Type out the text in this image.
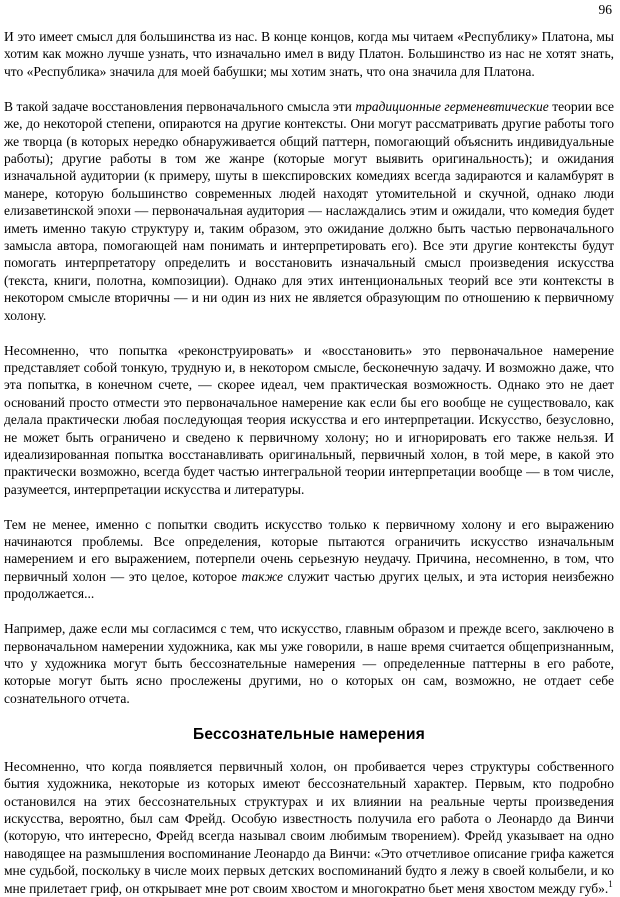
96

И это имеет смысл для большинства из нас. В конце концов, когда мы читаем «Республику» Платона, мы хотим как можно лучше узнать, что изначально имел в виду Платон. Большинство из нас не хотят знать, что «Республика» значила для моей бабушки; мы хотим знать, что она значила для Платона.

В такой задаче восстановления первоначального смысла эти традиционные герменевтические теории все же, до некоторой степени, опираются на другие контексты. Они могут рассматривать другие работы того же творца (в которых нередко обнаруживается общий паттерн, помогающий объяснить индивидуальные работы); другие работы в том же жанре (которые могут выявить оригинальность); и ожидания изначальной аудитории (к примеру, шуты в шекспировских комедиях всегда задираются и каламбурят в манере, которую большинство современных людей находят утомительной и скучной, однако люди елизаветинской эпохи — первоначальная аудитория — наслаждались этим и ожидали, что комедия будет иметь именно такую структуру и, таким образом, это ожидание должно быть частью первоначального замысла автора, помогающей нам понимать и интерпретировать его). Все эти другие контексты будут помогать интерпретатору определить и восстановить изначальный смысл произведения искусства (текста, книги, полотна, композиции). Однако для этих интенциональных теорий все эти контексты в некотором смысле вторичны — и ни один из них не является образующим по отношению к первичному холону.

Несомненно, что попытка «реконструировать» и «восстановить» это первоначальное намерение представляет собой тонкую, трудную и, в некотором смысле, бесконечную задачу. И возможно даже, что эта попытка, в конечном счете, — скорее идеал, чем практическая возможность. Однако это не дает оснований просто отмести это первоначальное намерение как если бы его вообще не существовало, как делала практически любая последующая теория искусства и его интерпретации. Искусство, безусловно, не может быть ограничено и сведено к первичному холону; но и игнорировать его также нельзя. И идеализированная попытка восстанавливать оригинальный, первичный холон, в той мере, в какой это практически возможно, всегда будет частью интегральной теории интерпретации вообще — в том числе, разумеется, интерпретации искусства и литературы.

Тем не менее, именно с попытки сводить искусство только к первичному холону и его выражению начинаются проблемы. Все определения, которые пытаются ограничить искусство изначальным намерением и его выражением, потерпели очень серьезную неудачу. Причина, несомненно, в том, что первичный холон — это целое, которое также служит частью других целых, и эта история неизбежно продолжается...

Например, даже если мы согласимся с тем, что искусство, главным образом и прежде всего, заключено в первоначальном намерении художника, как мы уже говорили, в наше время считается общепризнанным, что у художника могут быть бессознательные намерения — определенные паттерны в его работе, которые могут быть ясно прослежены другими, но о которых он сам, возможно, не отдает себе сознательного отчета.

Бессознательные намерения

Несомненно, что когда появляется первичный холон, он пробивается через структуры собственного бытия художника, некоторые из которых имеют бессознательный характер. Первым, кто подробно остановился на этих бессознательных структурах и их влиянии на реальные черты произведения искусства, вероятно, был сам Фрейд. Особую известность получила его работа о Леонардо да Винчи (которую, что интересно, Фрейд всегда называл своим любимым творением). Фрейд указывает на одно наводящее на размышления воспоминание Леонардо да Винчи: «Это отчетливое описание грифа кажется мне судьбой, поскольку в числе моих первых детских воспоминаний будто я лежу в своей колыбели, и ко мне прилетает гриф, он открывает мне рот своим хвостом и многократно бьет меня хвостом между губ».$^1$
